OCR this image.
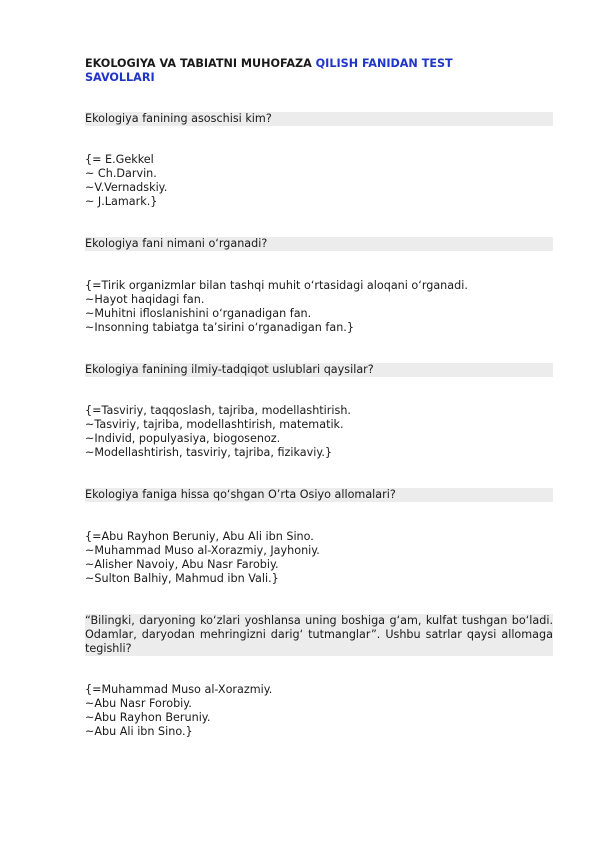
EKOLOGIYA VA TABIATNI MUHOFAZA QILISH FANIDAN TEST SAVOLLARI

Ekologiya fanining asoschisi kim?

{= E.Gekkel
~ Ch.Darvin.
~V.Vernadskiy.
~ J.Lamark.}

Ekologiya fani nimani o‘rganadi?

{=Tirik organizmlar bilan tashqi muhit o‘rtasidagi aloqani o‘rganadi.
~Hayot haqidagi fan.
~Muhitni ifloslanishini o‘rganadigan fan.
~Insonning tabiatga ta’sirini o‘rganadigan fan.}

Ekologiya fanining ilmiy-tadqiqot uslublari qaysilar?

{=Tasviriy, taqqoslash, tajriba, modellashtirish.
~Tasviriy, tajriba, modellashtirish, matematik.
~Individ, populyasiya, biogosenoz.
~Modellashtirish, tasviriy, tajriba, fizikaviy.}

Ekologiya faniga hissa qo‘shgan O’rta Osiyo allomalari?

{=Abu Rayhon Beruniy, Abu Ali ibn Sino.
~Muhammad Muso al-Xorazmiy, Jayhoniy.
~Alisher Navoiy, Abu Nasr Farobiy.
~Sulton Balhiy, Mahmud ibn Vali.}

“Bilingki, daryoning ko‘zlari yoshlansa uning boshiga g‘am, kulfat tushgan bo‘ladi. Odamlar, daryodan mehringizni darig‘ tutmanglar”. Ushbu satrlar qaysi allomaga tegishli?

{=Muhammad Muso al-Xorazmiy.
~Abu Nasr Forobiy.
~Abu Rayhon Beruniy.
~Abu Ali ibn Sino.}
